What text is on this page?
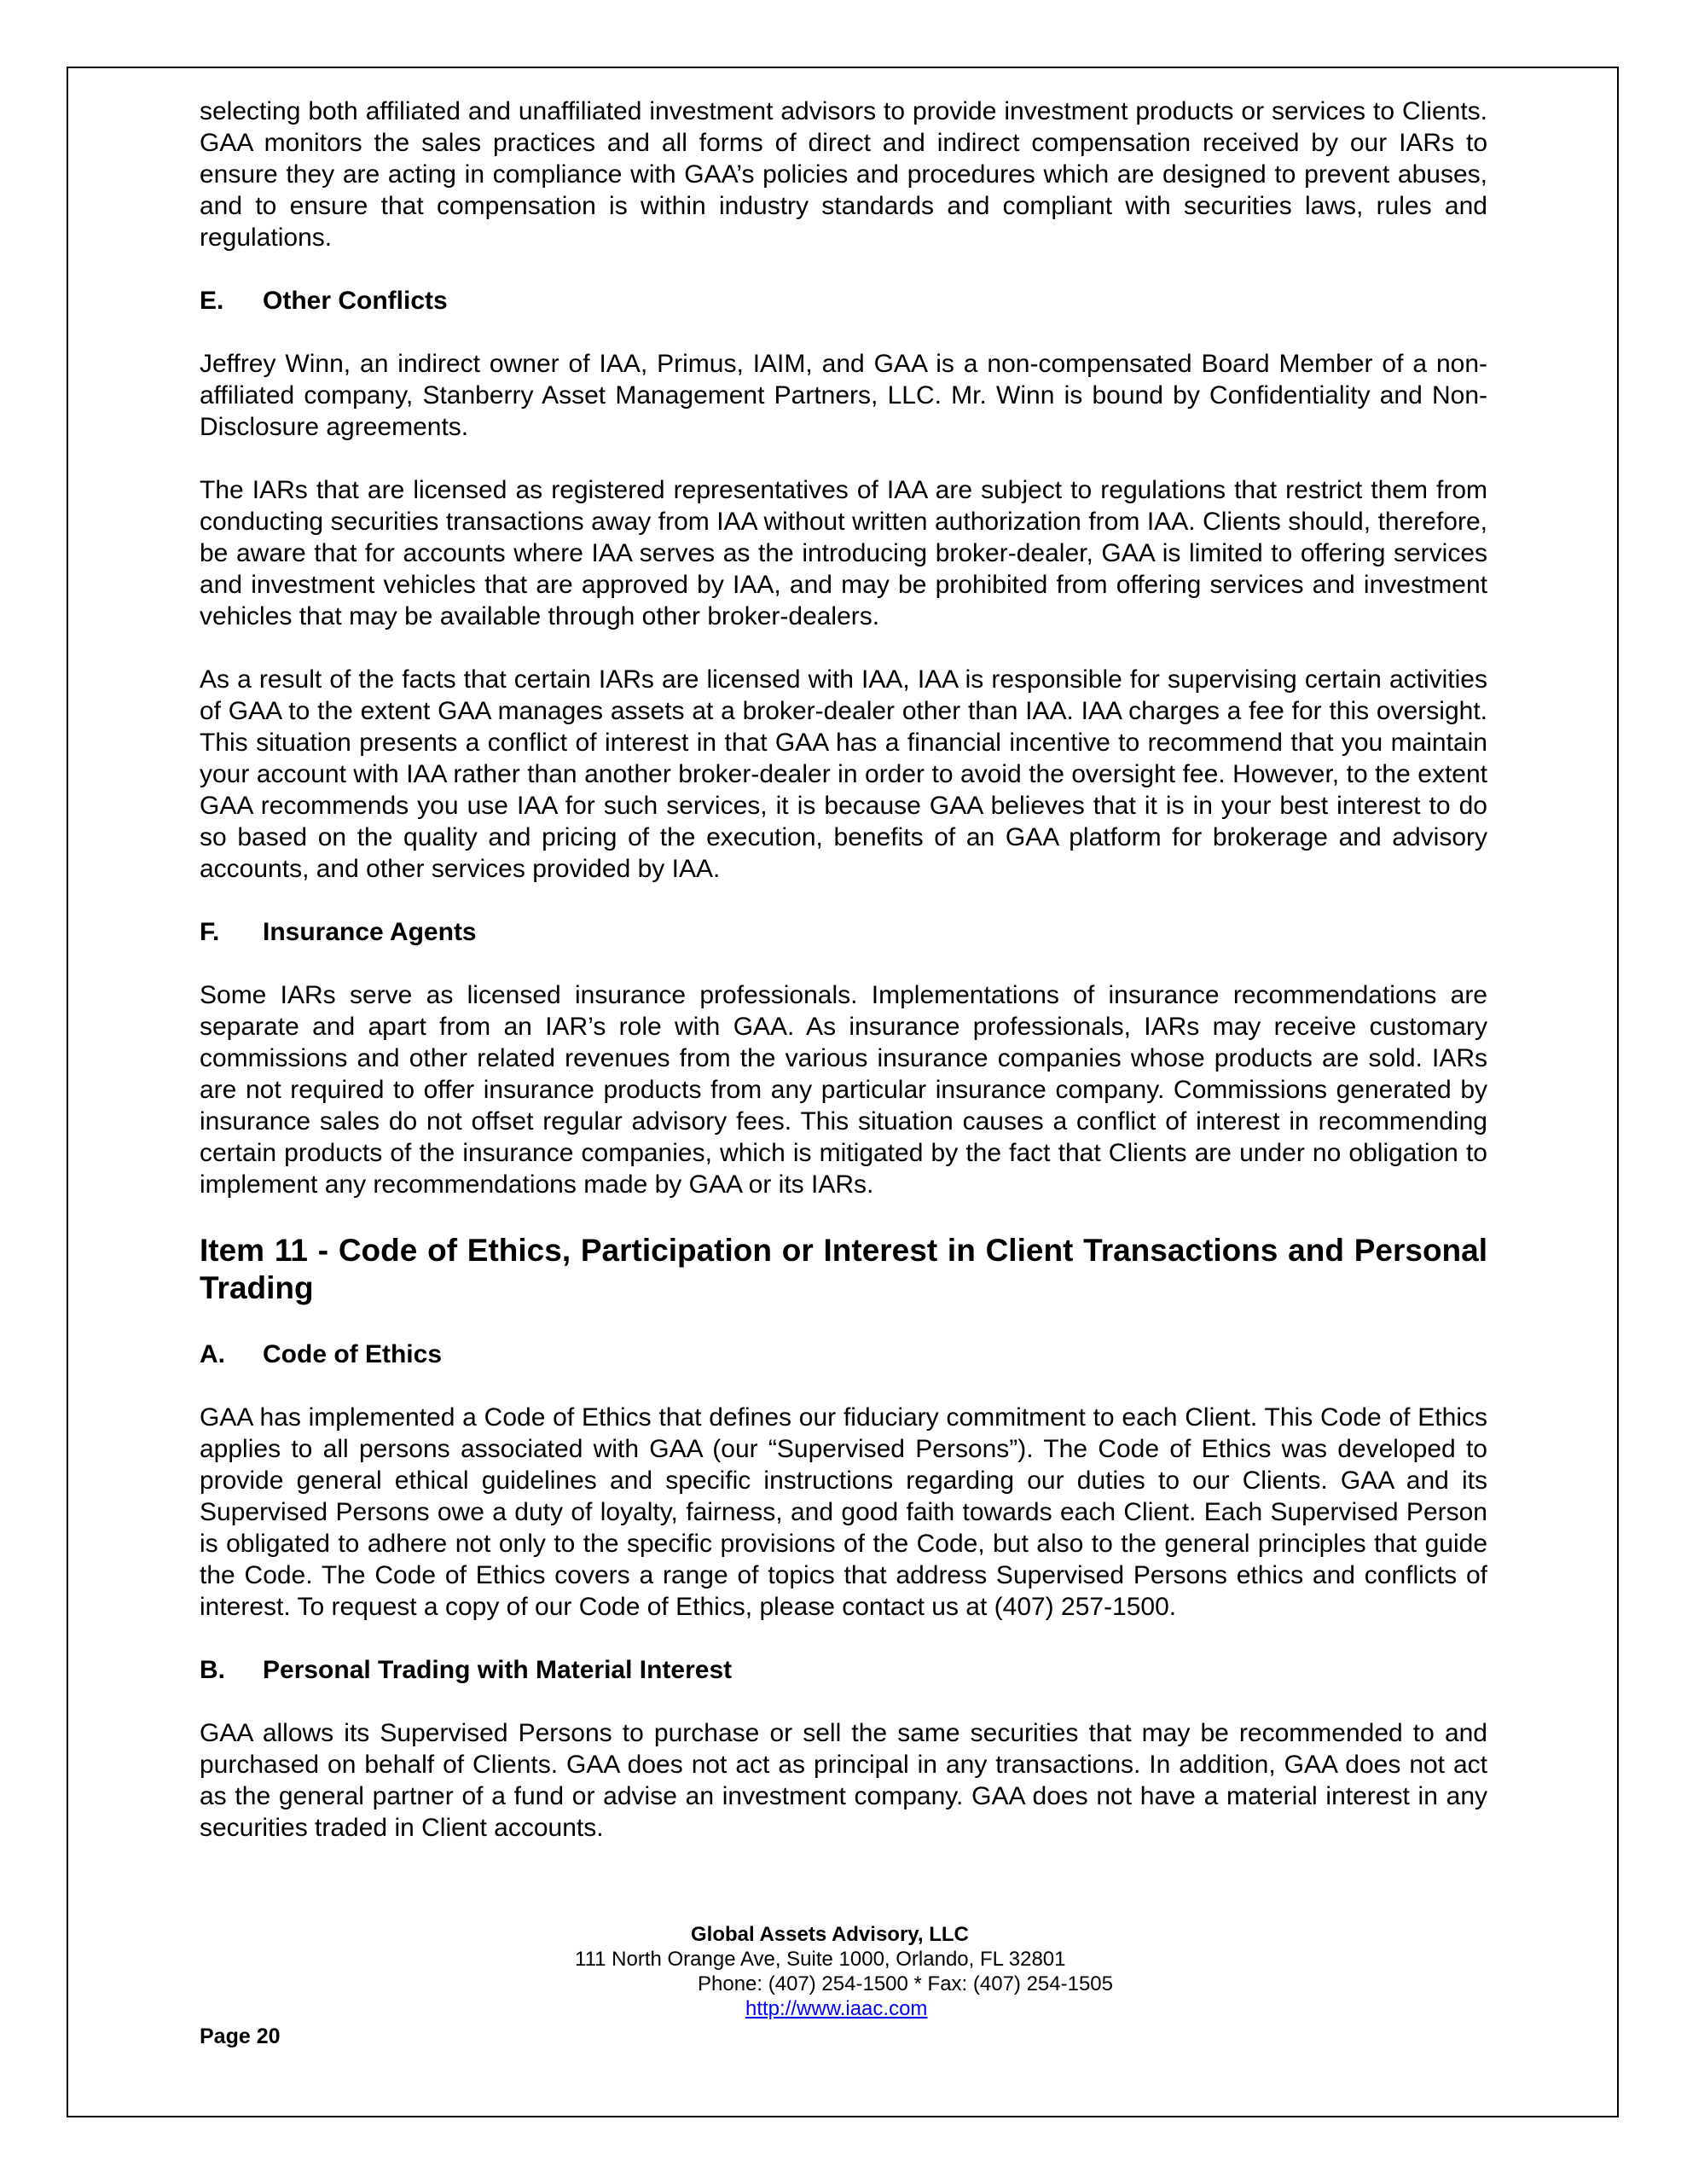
selecting both affiliated and unaffiliated investment advisors to provide investment products or services to Clients. GAA monitors the sales practices and all forms of direct and indirect compensation received by our IARs to ensure they are acting in compliance with GAA’s policies and procedures which are designed to prevent abuses, and to ensure that compensation is within industry standards and compliant with securities laws, rules and regulations.

E. Other Conflicts

Jeffrey Winn, an indirect owner of IAA, Primus, IAIM, and GAA is a non-compensated Board Member of a non-affiliated company, Stanberry Asset Management Partners, LLC. Mr. Winn is bound by Confidentiality and Non-Disclosure agreements.

The IARs that are licensed as registered representatives of IAA are subject to regulations that restrict them from conducting securities transactions away from IAA without written authorization from IAA. Clients should, therefore, be aware that for accounts where IAA serves as the introducing broker-dealer, GAA is limited to offering services and investment vehicles that are approved by IAA, and may be prohibited from offering services and investment vehicles that may be available through other broker-dealers.

As a result of the facts that certain IARs are licensed with IAA, IAA is responsible for supervising certain activities of GAA to the extent GAA manages assets at a broker-dealer other than IAA. IAA charges a fee for this oversight. This situation presents a conflict of interest in that GAA has a financial incentive to recommend that you maintain your account with IAA rather than another broker-dealer in order to avoid the oversight fee. However, to the extent GAA recommends you use IAA for such services, it is because GAA believes that it is in your best interest to do so based on the quality and pricing of the execution, benefits of an GAA platform for brokerage and advisory accounts, and other services provided by IAA.

F. Insurance Agents

Some IARs serve as licensed insurance professionals. Implementations of insurance recommendations are separate and apart from an IAR’s role with GAA. As insurance professionals, IARs may receive customary commissions and other related revenues from the various insurance companies whose products are sold. IARs are not required to offer insurance products from any particular insurance company. Commissions generated by insurance sales do not offset regular advisory fees. This situation causes a conflict of interest in recommending certain products of the insurance companies, which is mitigated by the fact that Clients are under no obligation to implement any recommendations made by GAA or its IARs.

Item 11 - Code of Ethics, Participation or Interest in Client Transactions and Personal Trading
A. Code of Ethics

GAA has implemented a Code of Ethics that defines our fiduciary commitment to each Client. This Code of Ethics applies to all persons associated with GAA (our “Supervised Persons”). The Code of Ethics was developed to provide general ethical guidelines and specific instructions regarding our duties to our Clients. GAA and its Supervised Persons owe a duty of loyalty, fairness, and good faith towards each Client. Each Supervised Person is obligated to adhere not only to the specific provisions of the Code, but also to the general principles that guide the Code. The Code of Ethics covers a range of topics that address Supervised Persons ethics and conflicts of interest. To request a copy of our Code of Ethics, please contact us at (407) 257-1500.

B. Personal Trading with Material Interest

GAA allows its Supervised Persons to purchase or sell the same securities that may be recommended to and purchased on behalf of Clients. GAA does not act as principal in any transactions. In addition, GAA does not act as the general partner of a fund or advise an investment company. GAA does not have a material interest in any securities traded in Client accounts.

Global Assets Advisory, LLC
111 North Orange Ave, Suite 1000, Orlando, FL 32801
Phone: (407) 254-1500 * Fax: (407) 254-1505
http://www.iaac.com
Page 20
